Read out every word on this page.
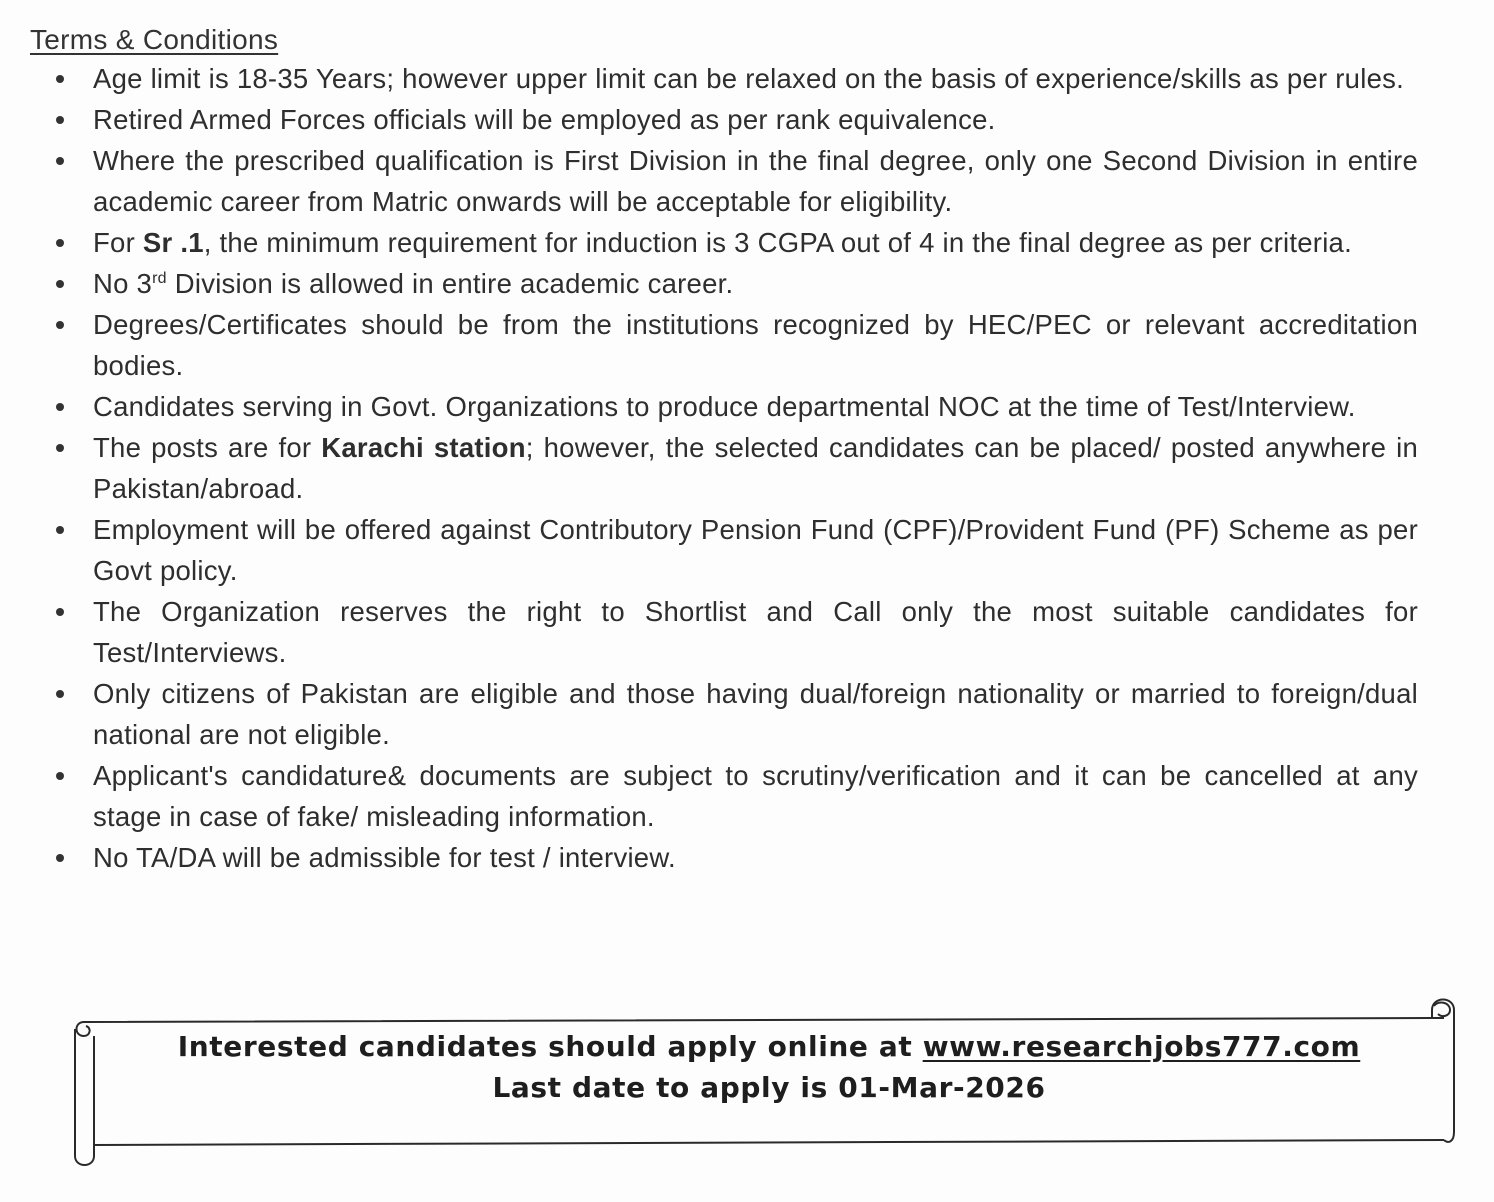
Terms & Conditions
Age limit is 18-35 Years; however upper limit can be relaxed on the basis of experience/skills as per rules.
Retired Armed Forces officials will be employed as per rank equivalence.
Where the prescribed qualification is First Division in the final degree, only one Second Division in entire academic career from Matric onwards will be acceptable for eligibility.
For Sr .1, the minimum requirement for induction is 3 CGPA out of 4 in the final degree as per criteria.
No 3rd Division is allowed in entire academic career.
Degrees/Certificates should be from the institutions recognized by HEC/PEC or relevant accreditation bodies.
Candidates serving in Govt. Organizations to produce departmental NOC at the time of Test/Interview.
The posts are for Karachi station; however, the selected candidates can be placed/ posted anywhere in Pakistan/abroad.
Employment will be offered against Contributory Pension Fund (CPF)/Provident Fund (PF) Scheme as per Govt policy.
The Organization reserves the right to Shortlist and Call only the most suitable candidates for Test/Interviews.
Only citizens of Pakistan are eligible and those having dual/foreign nationality or married to foreign/dual national are not eligible.
Applicant's candidature& documents are subject to scrutiny/verification and it can be cancelled at any stage in case of fake/ misleading information.
No TA/DA will be admissible for test / interview.
Interested candidates should apply online at www.researchjobs777.com
Last date to apply is 01-Mar-2026
